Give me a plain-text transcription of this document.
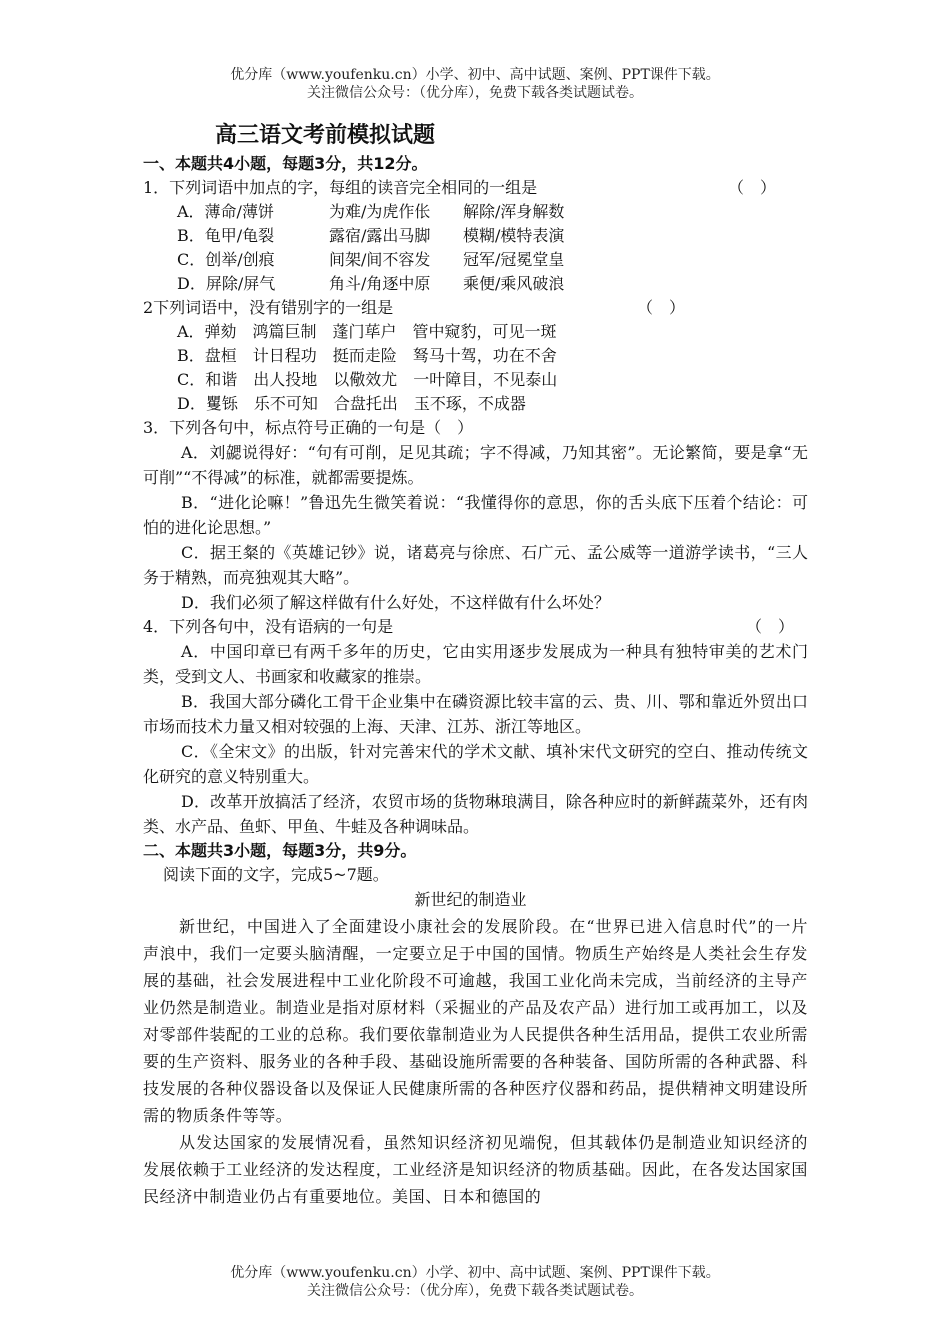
优分库（www.youfenku.cn）小学、初中、高中试题、案例、PPT课件下载。
关注微信公众号：（优分库），免费下载各类试题试卷。
高三语文考前模拟试题
一、本题共4小题，每题3分，共12分。
1．下列词语中加点的字，每组的读音完全相同的一组是	（　）
A．薄命/薄饼	为难/为虎作伥 解除/浑身解数
B．龟甲/龟裂	露宿/露出马脚 模糊/模特表演
C．创举/创痕	间架/间不容发 冠军/冠冕堂皇
D．屏除/屏气	角斗/角逐中原 乘便/乘风破浪
2下列词语中，没有错别字的一组是	（　）
A．弹劾　鸿篇巨制　蓬门荜户　管中窥豹，可见一斑
B．盘桓　计日程功　挺而走险　驽马十驾，功在不舍
C．和谐　出人投地　以儆效尤　一叶障目，不见泰山
D．矍铄　乐不可知　合盘托出　玉不琢，不成器
3．下列各句中，标点符号正确的一句是（　）
A．刘勰说得好：“句有可削，足见其疏；字不得减，乃知其密”。无论繁简，要是拿“无可削”“不得减”的标准，就都需要提炼。
B．“进化论嘛！”鲁迅先生微笑着说：“我懂得你的意思，你的舌头底下压着个结论：可怕的进化论思想。”
C．据王粲的《英雄记钞》说，诸葛亮与徐庶、石广元、孟公威等一道游学读书，“三人务于精熟，而亮独观其大略”。
D．我们必须了解这样做有什么好处，不这样做有什么坏处？
4．下列各句中，没有语病的一句是	（　）
A．中国印章已有两千多年的历史，它由实用逐步发展成为一种具有独特审美的艺术门类，受到文人、书画家和收藏家的推崇。
B．我国大部分磷化工骨干企业集中在磷资源比较丰富的云、贵、川、鄂和靠近外贸出口市场而技术力量又相对较强的上海、天津、江苏、浙江等地区。
C．《全宋文》的出版，针对完善宋代的学术文献、填补宋代文研究的空白、推动传统文化研究的意义特别重大。
D．改革开放搞活了经济，农贸市场的货物琳琅满目，除各种应时的新鲜蔬菜外，还有肉类、水产品、鱼虾、甲鱼、牛蛙及各种调味品。
二、本题共3小题，每题3分，共9分。
阅读下面的文字，完成5~7题。
新世纪的制造业
新世纪，中国进入了全面建设小康社会的发展阶段。在“世界已进入信息时代”的一片声浪中，我们一定要头脑清醒，一定要立足于中国的国情。物质生产始终是人类社会生存发展的基础，社会发展进程中工业化阶段不可逾越，我国工业化尚未完成，当前经济的主导产业仍然是制造业。制造业是指对原材料（采掘业的产品及农产品）进行加工或再加工，以及对零部件装配的工业的总称。我们要依靠制造业为人民提供各种生活用品，提供工农业所需要的生产资料、服务业的各种手段、基础设施所需要的各种装备、国防所需的各种武器、科技发展的各种仪器设备以及保证人民健康所需的各种医疗仪器和药品，提供精神文明建设所需的物质条件等等。
从发达国家的发展情况看，虽然知识经济初见端倪，但其载体仍是制造业知识经济的发展依赖于工业经济的发达程度，工业经济是知识经济的物质基础。因此，在各发达国家国民经济中制造业仍占有重要地位。美国、日本和德国的
优分库（www.youfenku.cn）小学、初中、高中试题、案例、PPT课件下载。
关注微信公众号：（优分库），免费下载各类试题试卷。
